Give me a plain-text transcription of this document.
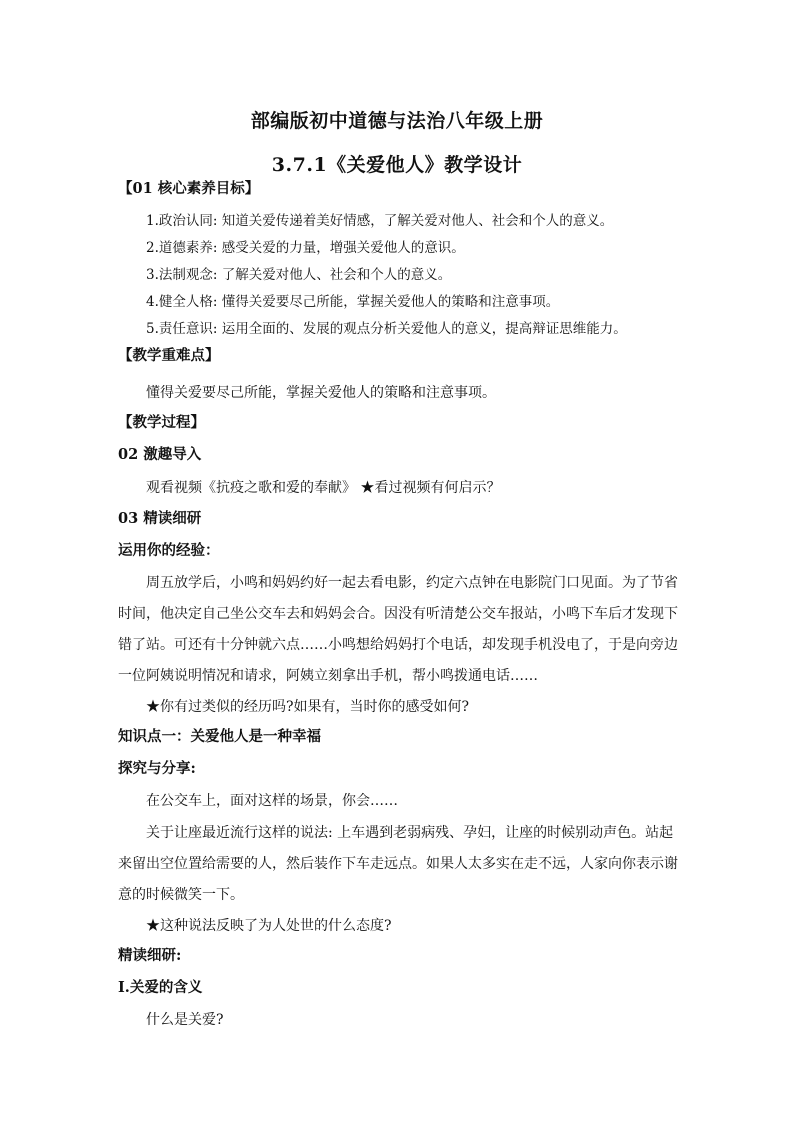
部编版初中道德与法治八年级上册
3.7.1《关爱他人》教学设计

【01 核心素养目标】

1.政治认同: 知道关爱传递着美好情感，了解关爱对他人、社会和个人的意义。

2.道德素养: 感受关爱的力量，增强关爱他人的意识。

3.法制观念: 了解关爱对他人、社会和个人的意义。

4.健全人格: 懂得关爱要尽己所能，掌握关爱他人的策略和注意事项。

5.责任意识: 运用全面的、发展的观点分析关爱他人的意义，提高辩证思维能力。

【教学重难点】

懂得关爱要尽己所能，掌握关爱他人的策略和注意事项。

【教学过程】

02 激趣导入

观看视频《抗疫之歌和爱的奉献》 ★看过视频有何启示？

03 精读细研

运用你的经验：

周五放学后，小鸣和妈妈约好一起去看电影，约定六点钟在电影院门口见面。为了节省

时间，他决定自己坐公交车去和妈妈会合。因没有听清楚公交车报站，小鸣下车后才发现下

错了站。可还有十分钟就六点……小鸣想给妈妈打个电话，却发现手机没电了，于是向旁边

一位阿姨说明情况和请求，阿姨立刻拿出手机，帮小鸣拨通电话……

★你有过类似的经历吗?如果有，当时你的感受如何?

知识点一：关爱他人是一种幸福

探究与分享:

在公交车上，面对这样的场景，你会……

关于让座最近流行这样的说法: 上车遇到老弱病残、孕妇，让座的时候别动声色。站起

来留出空位置给需要的人，然后装作下车走远点。如果人太多实在走不远，人家向你表示谢

意的时候微笑一下。

★这种说法反映了为人处世的什么态度?

精读细研:

Ⅰ.关爱的含义

什么是关爱?
